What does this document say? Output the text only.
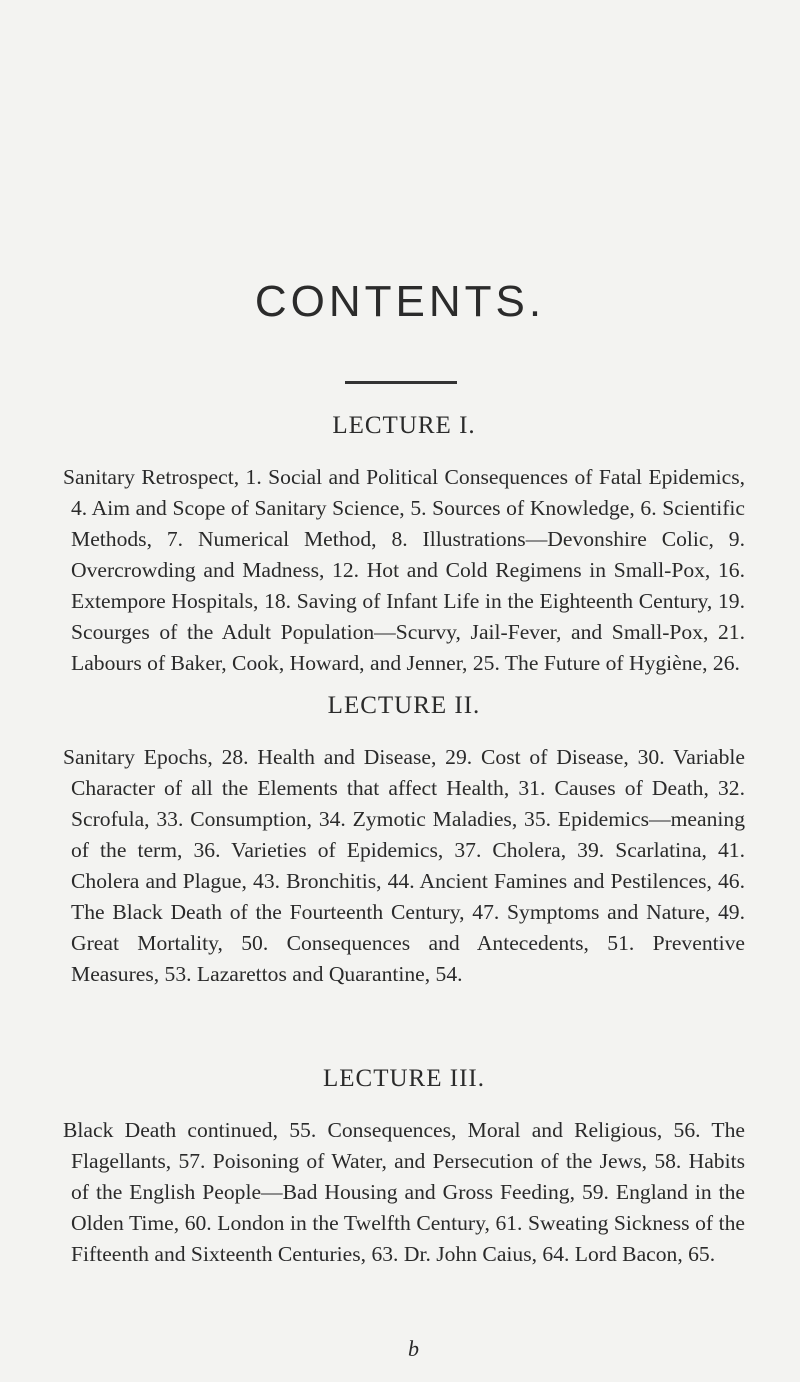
CONTENTS.
LECTURE I.

Sanitary Retrospect, 1. Social and Political Consequences of Fatal Epidemics, 4. Aim and Scope of Sanitary Science, 5. Sources of Knowledge, 6. Scientific Methods, 7. Numerical Method, 8. Illustrations—Devonshire Colic, 9. Overcrowding and Madness, 12. Hot and Cold Regimens in Small-Pox, 16. Extempore Hospitals, 18. Saving of Infant Life in the Eighteenth Century, 19. Scourges of the Adult Population—Scurvy, Jail-Fever, and Small-Pox, 21. Labours of Baker, Cook, Howard, and Jenner, 25. The Future of Hygiène, 26.

LECTURE II.

Sanitary Epochs, 28. Health and Disease, 29. Cost of Disease, 30. Variable Character of all the Elements that affect Health, 31. Causes of Death, 32. Scrofula, 33. Consumption, 34. Zymotic Maladies, 35. Epidemics—meaning of the term, 36. Varieties of Epidemics, 37. Cholera, 39. Scarlatina, 41. Cholera and Plague, 43. Bronchitis, 44. Ancient Famines and Pestilences, 46. The Black Death of the Fourteenth Century, 47. Symptoms and Nature, 49. Great Mortality, 50. Consequences and Antecedents, 51. Preventive Measures, 53. Lazarettos and Quarantine, 54.

LECTURE III.

Black Death continued, 55. Consequences, Moral and Religious, 56. The Flagellants, 57. Poisoning of Water, and Persecution of the Jews, 58. Habits of the English People—Bad Housing and Gross Feeding, 59. England in the Olden Time, 60. London in the Twelfth Century, 61. Sweating Sickness of the Fifteenth and Sixteenth Centuries, 63. Dr. John Caius, 64. Lord Bacon, 65.

b
